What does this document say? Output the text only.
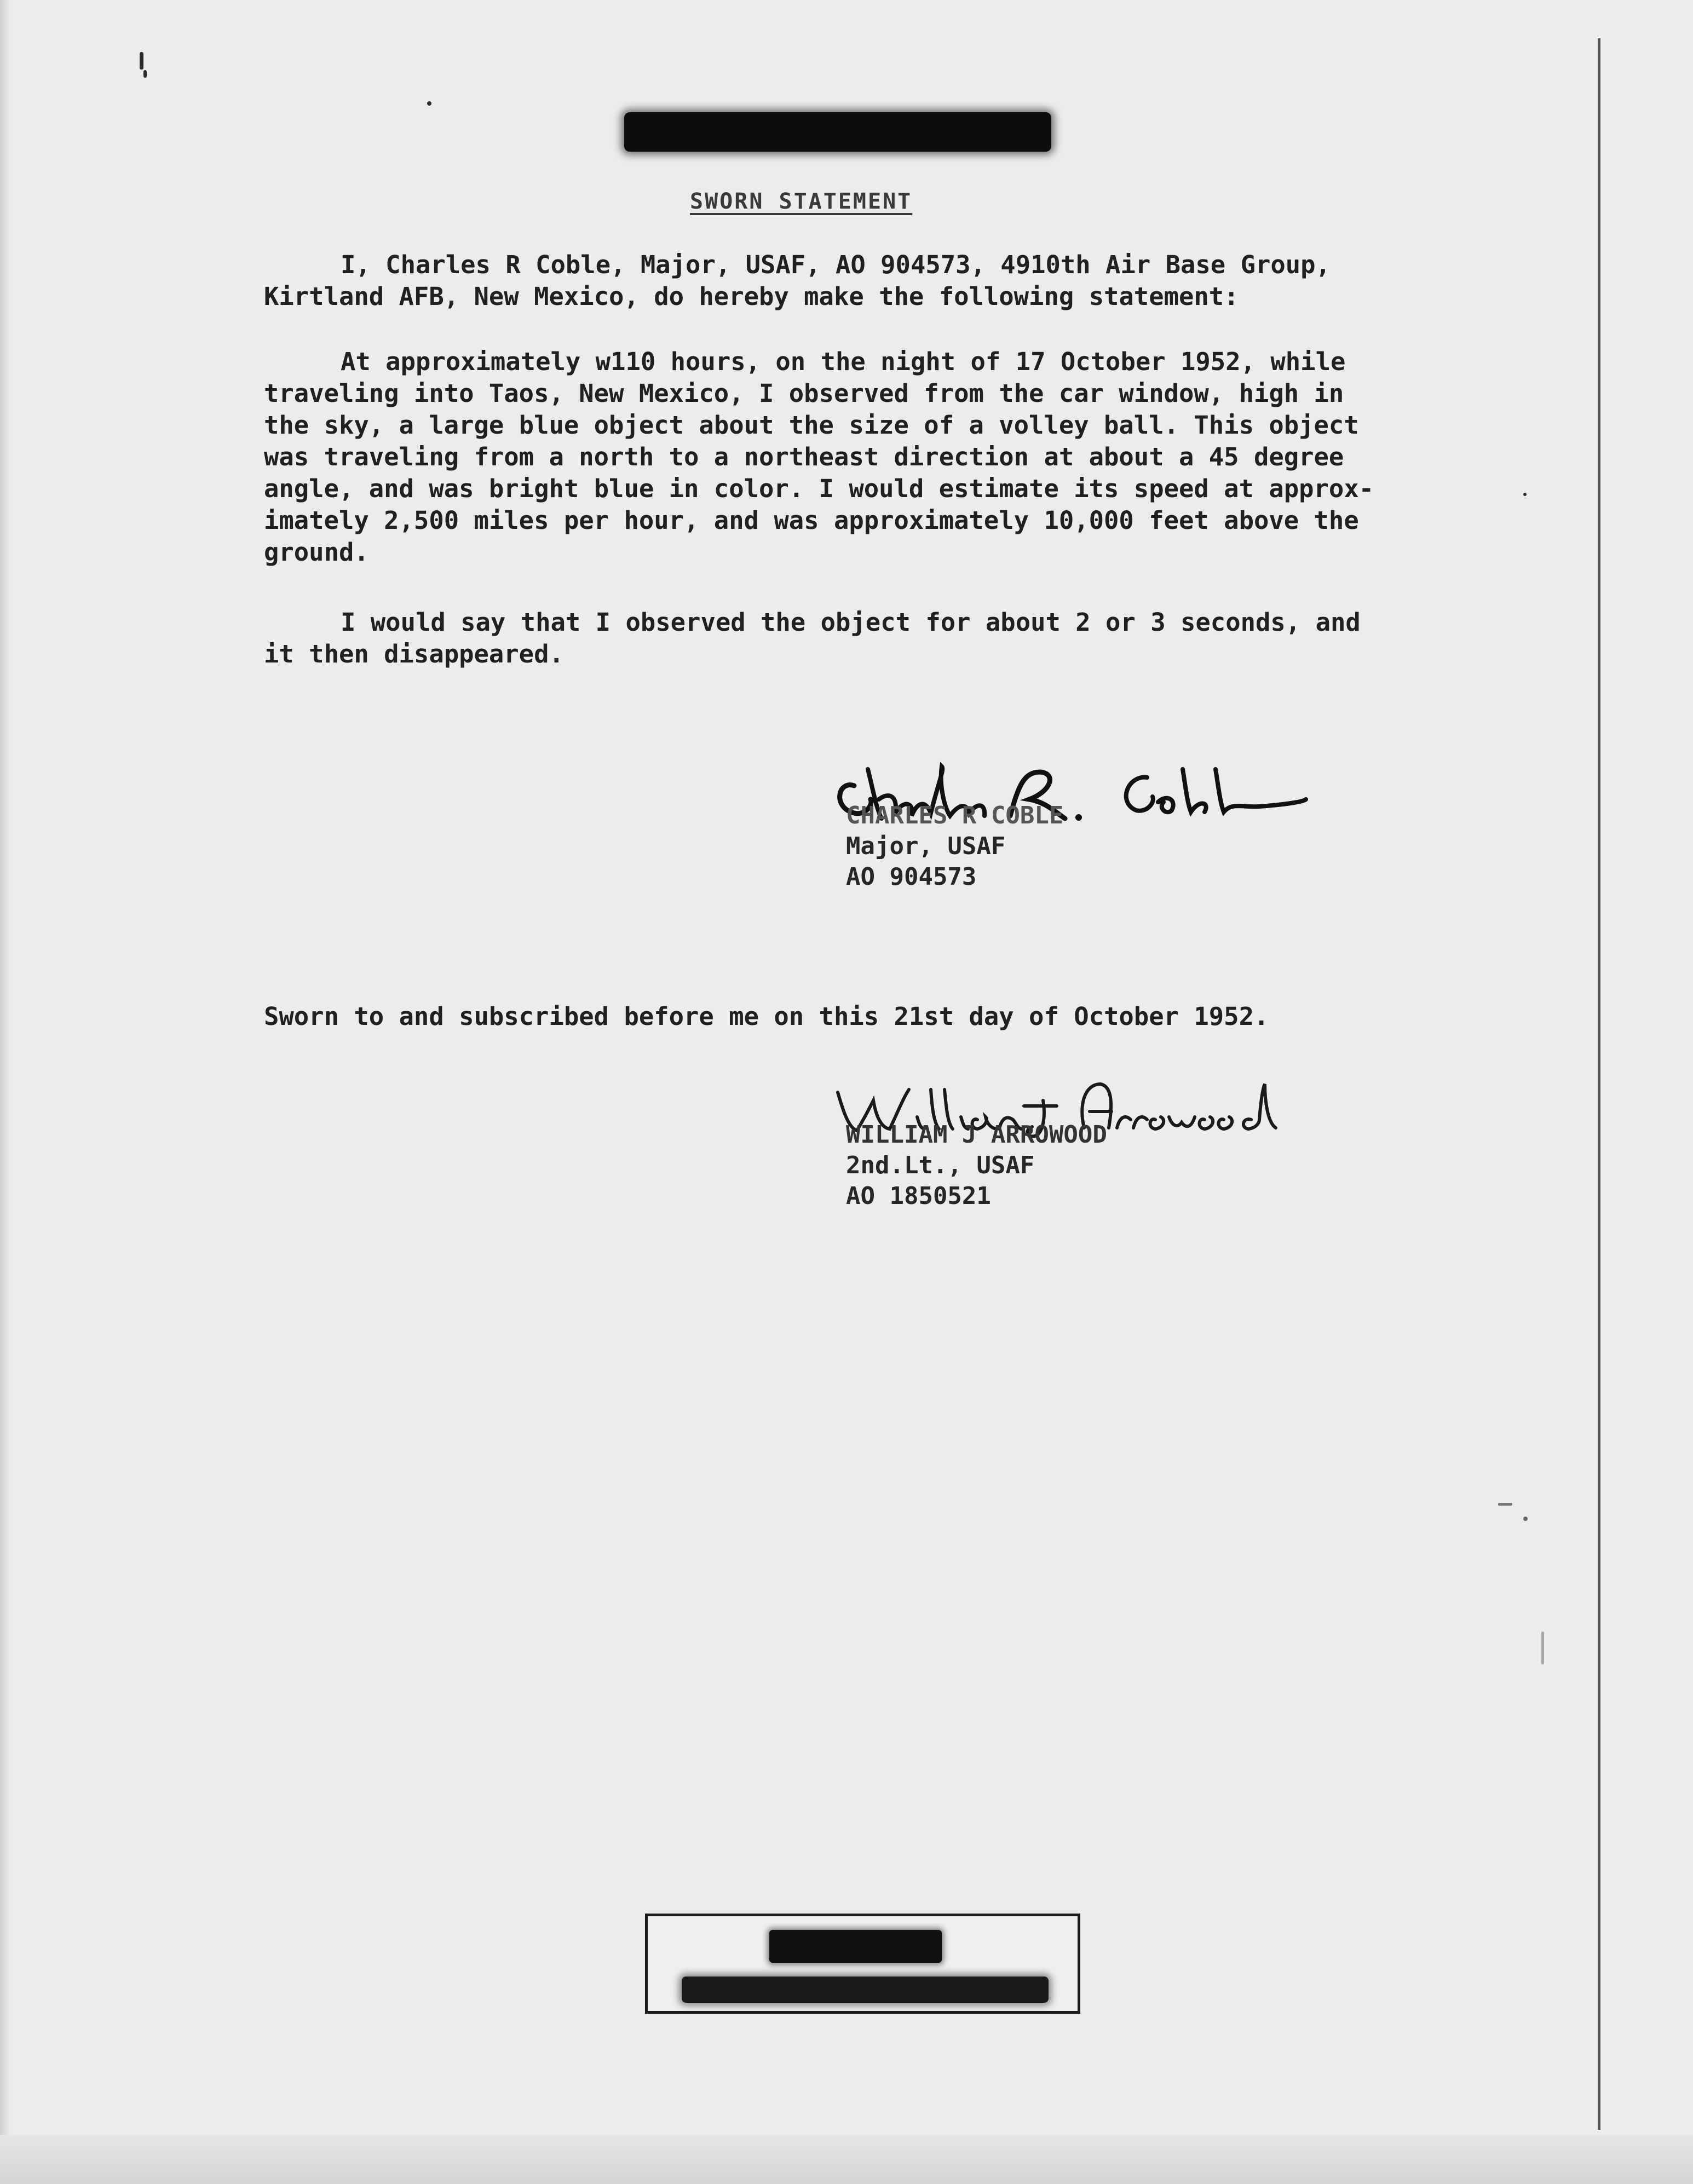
SWORN STATEMENT
I, Charles R Coble, Major, USAF, AO 904573, 4910th Air Base Group,
Kirtland AFB, New Mexico, do hereby make the following statement:
At approximately w110 hours, on the night of 17 October 1952, while
traveling into Taos, New Mexico, I observed from the car window, high in
the sky, a large blue object about the size of a volley ball. This object
was traveling from a north to a northeast direction at about a 45 degree
angle, and was bright blue in color. I would estimate its speed at approx-
imately 2,500 miles per hour, and was approximately 10,000 feet above the
ground.
I would say that I observed the object for about 2 or 3 seconds, and
it then disappeared.
CHARLES R COBLE
Major, USAF
AO 904573
Sworn to and subscribed before me on this 21st day of October 1952.
WILLIAM J ARROWOOD
2nd.Lt., USAF
AO 1850521
